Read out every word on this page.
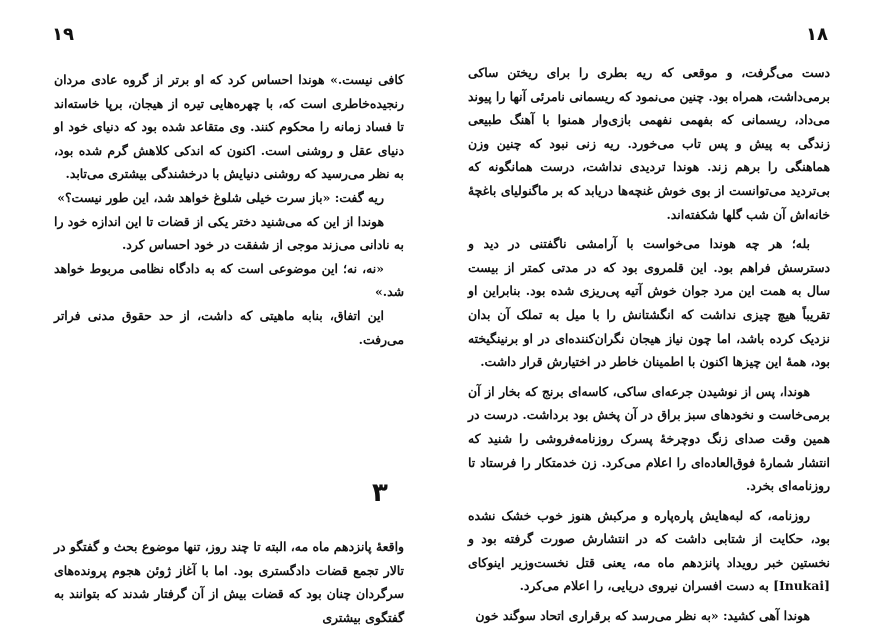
۱۹	۱۸

کافی نیست.» هوندا احساس کرد که او برتر از گروه عادی مردان رنجیده‌خاطری است که، با چهره‌هایی تیره از هیجان، برپا خاسته‌اند تا فساد زمانه را محکوم کنند. وی متقاعد شده بود که دنیای خود او دنیای عقل و روشنی است. اکنون که اندکی کلاهش گرم شده بود، به نظر می‌رسید که روشنی دنیایش با درخشندگی بیشتری می‌تابد.

ریه گفت: «باز سرت خیلی شلوغ خواهد شد، این طور نیست؟»

هوندا از این که می‌شنید دختر یکی از قضات تا این اندازه خود را به نادانی می‌زند موجی از شفقت در خود احساس کرد.

«نه، نه؛ این موضوعی است که به دادگاه نظامی مربوط خواهد شد.»

این اتفاق، بنابه ماهیتی که داشت، از حد حقوق مدنی فراتر می‌رفت.

۳

واقعهٔ پانزدهم ماه مه، البته تا چند روز، تنها موضوع بحث و گفتگو در تالار تجمع قضات دادگستری بود. اما با آغاز ژوئن هجوم پرونده‌های سرگردان چنان بود که قضات بیش از آن گرفتار شدند که بتوانند به گفتگوی بیشتری

دست می‌گرفت، و موقعی که ریه بطری را برای ریختن ساکی برمی‌داشت، همراه بود. چنین می‌نمود که ریسمانی نامرئی آنها را پیوند می‌داد، ریسمانی که بفهمی نفهمی بازی‌وار همنوا با آهنگ طبیعی زندگی به پیش و پس تاب می‌خورد. ریه زنی نبود که چنین وزن هماهنگی را برهم زند. هوندا تردیدی نداشت، درست همانگونه که بی‌تردید می‌توانست از بوی خوش غنچه‌ها دریابد که بر ماگنولیای باغچهٔ خانه‌اش آن شب گلها شکفته‌اند.

بله؛ هر چه هوندا می‌خواست با آرامشی ناگفتنی در دید و دسترسش فراهم بود. این قلمروی بود که در مدتی کمتر از بیست سال به همت این مرد جوان خوش آتیه پی‌ریزی شده بود. بنابراین او تقریباً هیچ چیزی نداشت که انگشتانش را با میل به تملک آن بدان نزدیک کرده باشد، اما چون نیاز هیجان نگران‌کننده‌ای در او برنینگیخته بود، همهٔ این چیزها اکنون با اطمینان خاطر در اختیارش قرار داشت.

هوندا، پس از نوشیدن جرعه‌ای ساکی، کاسه‌ای برنج که بخار از آن برمی‌خاست و نخودهای سبز براق در آن پخش بود برداشت. درست در همین وقت صدای زنگ دوچرخهٔ پسرک روزنامه‌فروشی را شنید که انتشار شمارهٔ فوق‌العاده‌ای را اعلام می‌کرد. زن خدمتکار را فرستاد تا روزنامه‌ای بخرد.

روزنامه، که لبه‌هایش پاره‌پاره و مرکبش هنوز خوب خشک نشده بود، حکایت از شتابی داشت که در انتشارش صورت گرفته بود و نخستین خبر رویداد پانزدهم ماه مه، یعنی قتل نخست‌وزیر اینوکای [Inukai] به دست افسران نیروی دریایی، را اعلام می‌کرد.

هوندا آهی کشید: «به نظر می‌رسد که برقراری اتحاد سوگند خون
